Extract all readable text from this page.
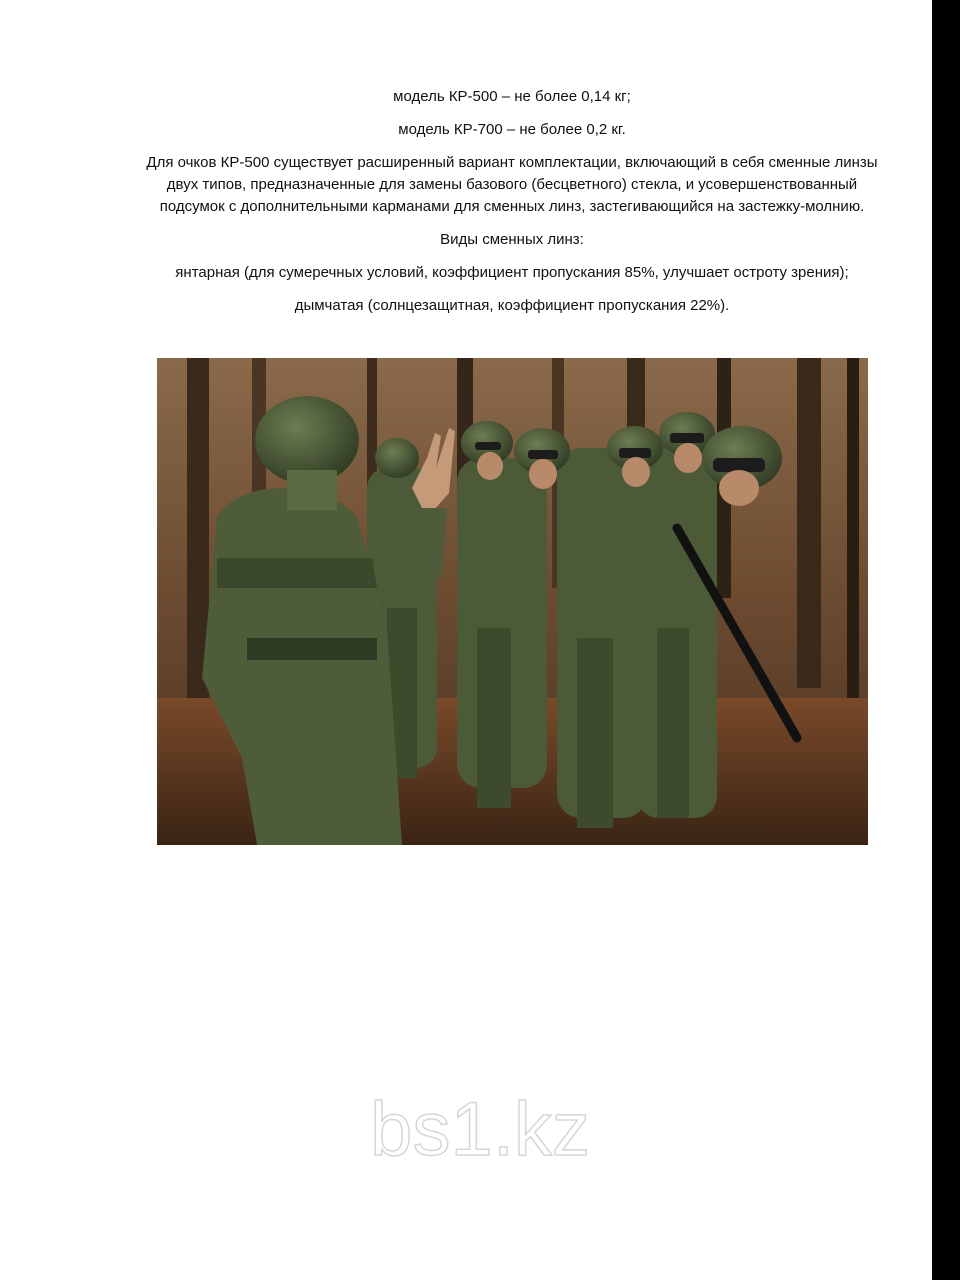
модель КР-500 – не более 0,14 кг;

модель КР-700 – не более 0,2 кг.

Для очков КР-500 существует расширенный вариант комплектации, включающий в себя сменные линзы двух типов, предназначенные для замены базового (бесцветного) стекла, и усовершенствованный подсумок с дополнительными карманами для сменных линз, застегивающийся на застежку-молнию.

Виды сменных линз:

янтарная (для сумеречных условий, коэффициент пропускания 85%, улучшает остроту зрения);

дымчатая (солнцезащитная, коэффициент пропускания 22%).

bs1.kz
